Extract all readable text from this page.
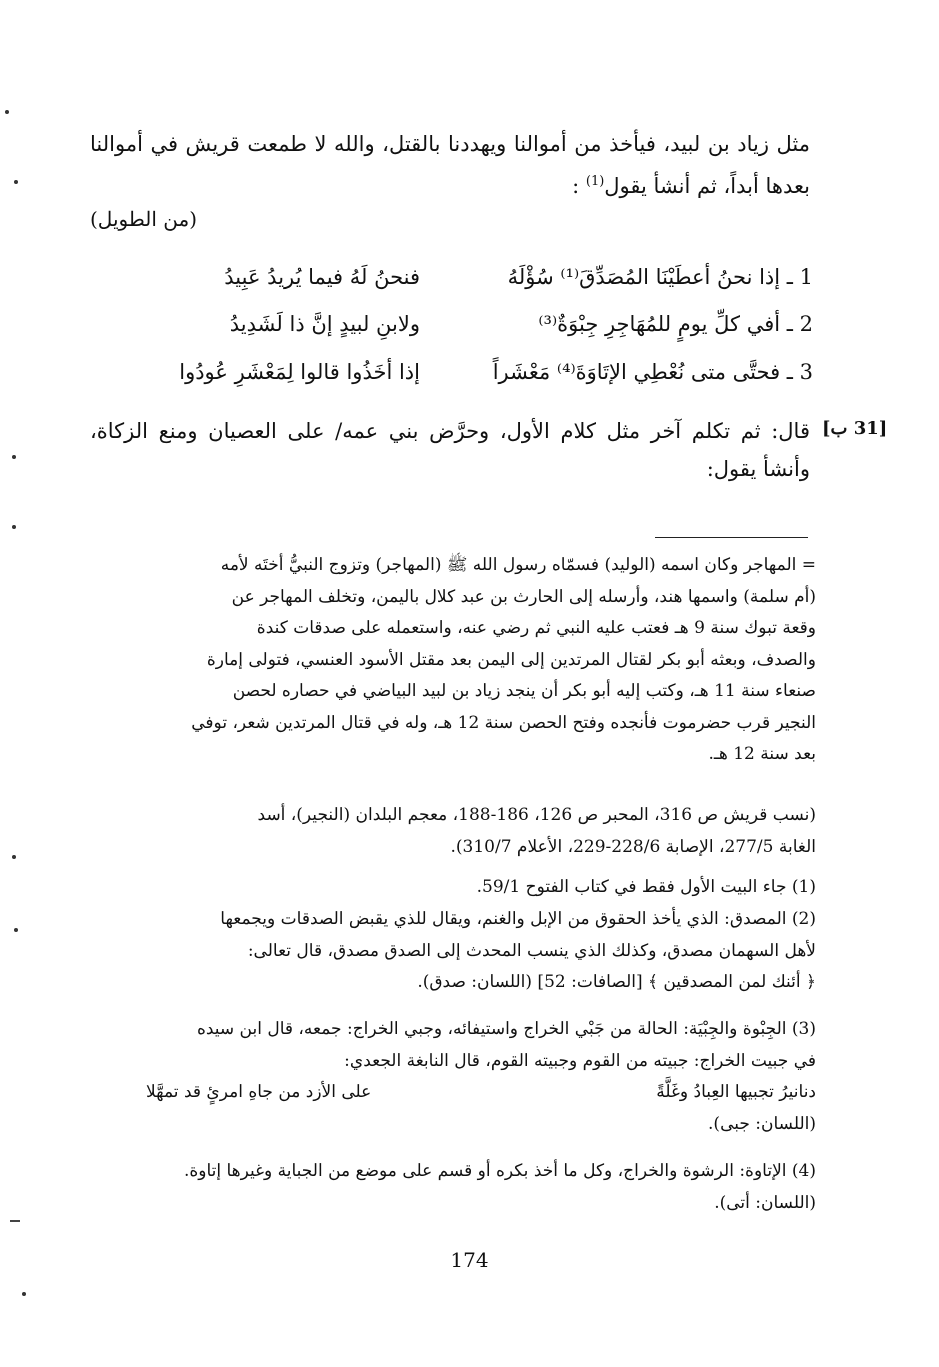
مثل زياد بن لبيد، فيأخذ من أموالنا ويهددنا بالقتل، والله لا طمعت قريش في أموالنا بعدها أبداً، ثم أنشأ يقول$^{(1)}$ :
(من الطويل)
1 ـ إذا نحنُ أعطَيْنَا المُصَدِّقَ⁽¹⁾ سُؤْلَهُ
فنحنُ لَهُ فيما يُريدُ عَبِيدُ
2 ـ أفي كلِّ يومٍ للمُهَاجِرِ جِبْوَةٌ⁽³⁾
ولابنِ لبيدٍ إنَّ ذا لَشَدِيدُ
3 ـ فحتَّى متى نُعْطِي الإتَاوَةَ⁽⁴⁾ مَعْشَراً
إذا أخَذُوا قالوا لِمَعْشَرِ عُودُوا
[31 ب]
قال: ثم تكلم آخر مثل كلام الأول، وحرَّض بني عمه/ على العصيان ومنع الزكاة، وأنشأ يقول:
= المهاجر وكان اسمه (الوليد) فسمّاه رسول الله ﷺ (المهاجر) وتزوج النبيُّ أختَه لأمه
(أم سلمة) واسمها هند، وأرسله إلى الحارث بن عبد كلال باليمن، وتخلف المهاجر عن
وقعة تبوك سنة 9 هـ فعتب عليه النبي ثم رضي عنه، واستعمله على صدقات كندة
والصدف، وبعثه أبو بكر لقتال المرتدين إلى اليمن بعد مقتل الأسود العنسي، فتولى إمارة
صنعاء سنة 11 هـ، وكتب إليه أبو بكر أن ينجد زياد بن لبيد البياضي في حصاره لحصن
النجير قرب حضرموت فأنجده وفتح الحصن سنة 12 هـ، وله في قتال المرتدين شعر، توفي
بعد سنة 12 هـ.
(نسب قريش ص 316، المحبر ص 126، 186-188، معجم البلدان (النجير)، أسد
الغابة 277/5، الإصابة 228/6-229، الأعلام 310/7).
(1) جاء البيت الأول فقط في كتاب الفتوح 59/1.
(2) المصدق: الذي يأخذ الحقوق من الإبل والغنم، ويقال للذي يقبض الصدقات ويجمعها
لأهل السهمان مصدق، وكذلك الذي ينسب المحدث إلى الصدق مصدق، قال تعالى:
﴿ أئنك لمن المصدقين ﴾ [الصافات: 52] (اللسان: صدق).
(3) الجِبْوة والجِبْيَة: الحالة من جَبْي الخراج واستيفائه، وجبي الخراج: جمعه، قال ابن سيده
في جبيت الخراج: جبيته من القوم وجبيته القوم، قال النابغة الجعدي:
دنانيرُ تجبيها العِبادُ وغَلَّةً
على الأزد من جاهِ امرئٍ قد تمهَّلا
(اللسان: جبى).
(4) الإتاوة: الرشوة والخراج، وكل ما أخذ بكره أو قسم على موضع من الجباية وغيرها إتاوة.
(اللسان: أتى).
174
